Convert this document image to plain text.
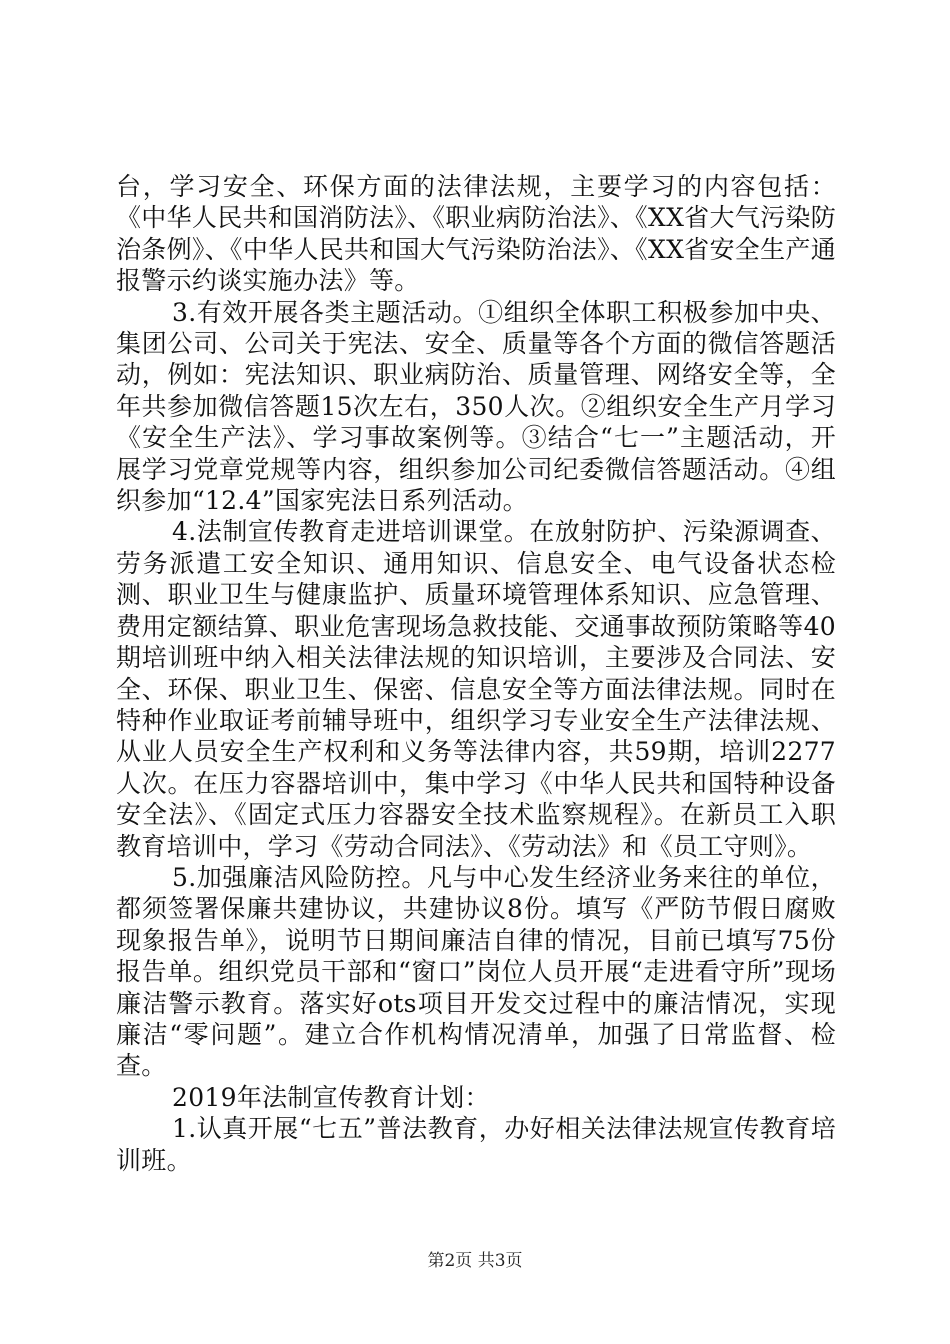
台，学习安全、环保方面的法律法规，主要学习的内容包括：《中华人民共和国消防法》、《职业病防治法》、《XX省大气污染防治条例》、《中华人民共和国大气污染防治法》、《XX省安全生产通报警示约谈实施办法》等。

3.有效开展各类主题活动。①组织全体职工积极参加中央、集团公司、公司关于宪法、安全、质量等各个方面的微信答题活动，例如：宪法知识、职业病防治、质量管理、网络安全等，全年共参加微信答题15次左右，350人次。②组织安全生产月学习《安全生产法》、学习事故案例等。③结合“七一”主题活动，开展学习党章党规等内容，组织参加公司纪委微信答题活动。④组织参加“12.4”国家宪法日系列活动。

4.法制宣传教育走进培训课堂。在放射防护、污染源调查、劳务派遣工安全知识、通用知识、信息安全、电气设备状态检测、职业卫生与健康监护、质量环境管理体系知识、应急管理、费用定额结算、职业危害现场急救技能、交通事故预防策略等40期培训班中纳入相关法律法规的知识培训，主要涉及合同法、安全、环保、职业卫生、保密、信息安全等方面法律法规。同时在特种作业取证考前辅导班中，组织学习专业安全生产法律法规、从业人员安全生产权利和义务等法律内容，共59期，培训2277人次。在压力容器培训中，集中学习《中华人民共和国特种设备安全法》、《固定式压力容器安全技术监察规程》。在新员工入职教育培训中，学习《劳动合同法》、《劳动法》和《员工守则》。

5.加强廉洁风险防控。凡与中心发生经济业务来往的单位，都须签署保廉共建协议，共建协议8份。填写《严防节假日腐败现象报告单》，说明节日期间廉洁自律的情况，目前已填写75份报告单。组织党员干部和“窗口”岗位人员开展“走进看守所”现场廉洁警示教育。落实好ots项目开发交过程中的廉洁情况，实现廉洁“零问题”。建立合作机构情况清单，加强了日常监督、检查。

2019年法制宣传教育计划：

1.认真开展“七五”普法教育，办好相关法律法规宣传教育培训班。

第2页 共3页
